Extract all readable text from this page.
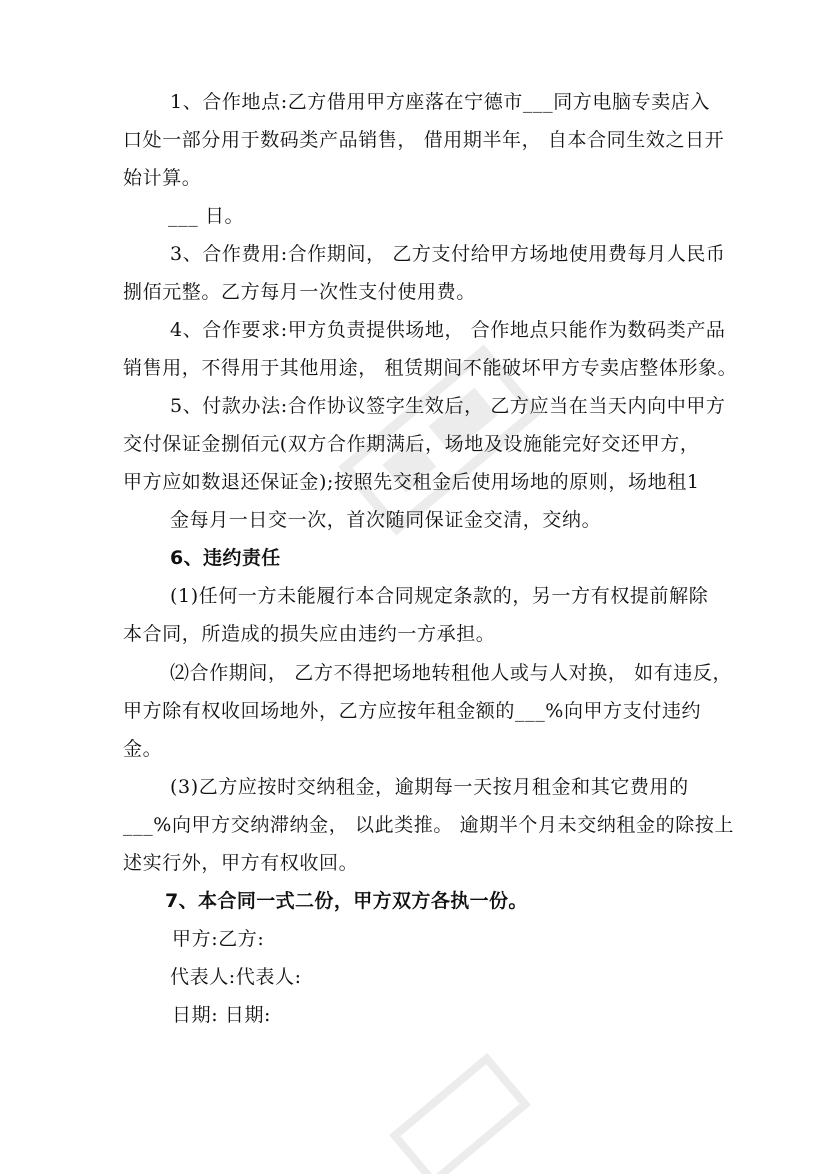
1、合作地点:乙方借用甲方座落在宁德市___同方电脑专卖店入
口处一部分用于数码类产品销售， 借用期半年， 自本合同生效之日开
始计算。
___ 日。
3、合作费用:合作期间， 乙方支付给甲方场地使用费每月人民币
捌佰元整。乙方每月一次性支付使用费。
4、合作要求:甲方负责提供场地， 合作地点只能作为数码类产品
销售用，不得用于其他用途， 租赁期间不能破坏甲方专卖店整体形象。
5、付款办法:合作协议签字生效后， 乙方应当在当天内向中甲方
交付保证金捌佰元(双方合作期满后，场地及设施能完好交还甲方，
甲方应如数退还保证金);按照先交租金后使用场地的原则，场地租1
金每月一日交一次，首次随同保证金交清，交纳。
6、违约责任
(1)任何一方未能履行本合同规定条款的，另一方有权提前解除
本合同，所造成的损失应由违约一方承担。
⑵合作期间， 乙方不得把场地转租他人或与人对换， 如有违反，
甲方除有权收回场地外，乙方应按年租金额的___%向甲方支付违约
金。
(3)乙方应按时交纳租金，逾期每一天按月租金和其它费用的
___%向甲方交纳滞纳金， 以此类推。 逾期半个月未交纳租金的除按上
述实行外，甲方有权收回。
7、本合同一式二份，甲方双方各执一份。
甲方:乙方:
代表人:代表人:
日期: 日期:
